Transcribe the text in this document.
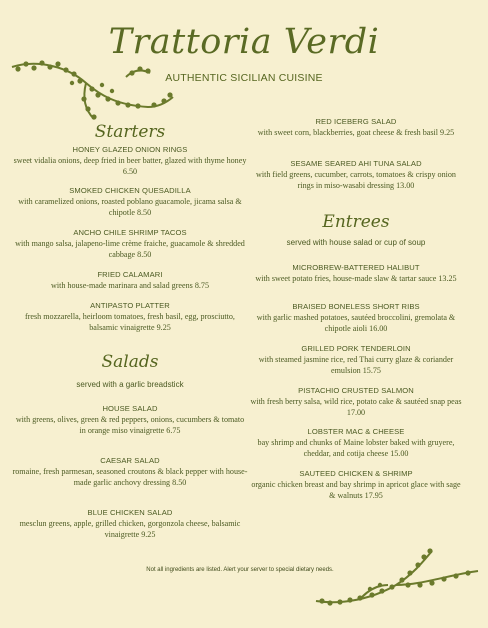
Trattoria Verdi
AUTHENTIC SICILIAN CUISINE
Starters
HONEY GLAZED ONION RINGS
sweet vidalia onions, deep fried in beer batter, glazed with thyme honey 6.50
SMOKED CHICKEN QUESADILLA
with caramelized onions, roasted poblano guacamole, jicama salsa & chipotle 8.50
ANCHO CHILE SHRIMP TACOS
with mango salsa, jalapeno-lime crème fraiche, guacamole & shredded cabbage 8.50
FRIED CALAMARI
with house-made marinara and salad greens 8.75
ANTIPASTO PLATTER
fresh mozzarella, heirloom tomatoes, fresh basil, egg, prosciutto, balsamic vinaigrette 9.25
Salads
served with a garlic breadstick
HOUSE SALAD
with greens, olives, green & red peppers, onions, cucumbers & tomato in orange miso vinaigrette 6.75
CAESAR SALAD
romaine, fresh parmesan, seasoned croutons & black pepper with house-made garlic anchovy dressing 8.50
BLUE CHICKEN SALAD
mesclun greens, apple, grilled chicken, gorgonzola cheese, balsamic vinaigrette 9.25
RED ICEBERG SALAD
with sweet corn, blackberries, goat cheese & fresh basil 9.25
SESAME SEARED AHI TUNA SALAD
with field greens, cucumber, carrots, tomatoes & crispy onion rings in miso-wasabi dressing 13.00
Entrees
served with house salad or cup of soup
MICROBREW-BATTERED HALIBUT
with sweet potato fries, house-made slaw & tartar sauce 13.25
BRAISED BONELESS SHORT RIBS
with garlic mashed potatoes, sautéed broccolini, gremolata & chipotle aioli 16.00
GRILLED PORK TENDERLOIN
with steamed jasmine rice, red Thai curry glaze & coriander emulsion 15.75
PISTACHIO CRUSTED SALMON
with fresh berry salsa, wild rice, potato cake & sautéed snap peas 17.00
LOBSTER MAC & CHEESE
bay shrimp and chunks of Maine lobster baked with gruyere, cheddar, and cotija cheese 15.00
SAUTEED CHICKEN & SHRIMP
organic chicken breast and bay shrimp in apricot glace with sage & walnuts 17.95
Not all ingredients are listed. Alert your server to special dietary needs.
